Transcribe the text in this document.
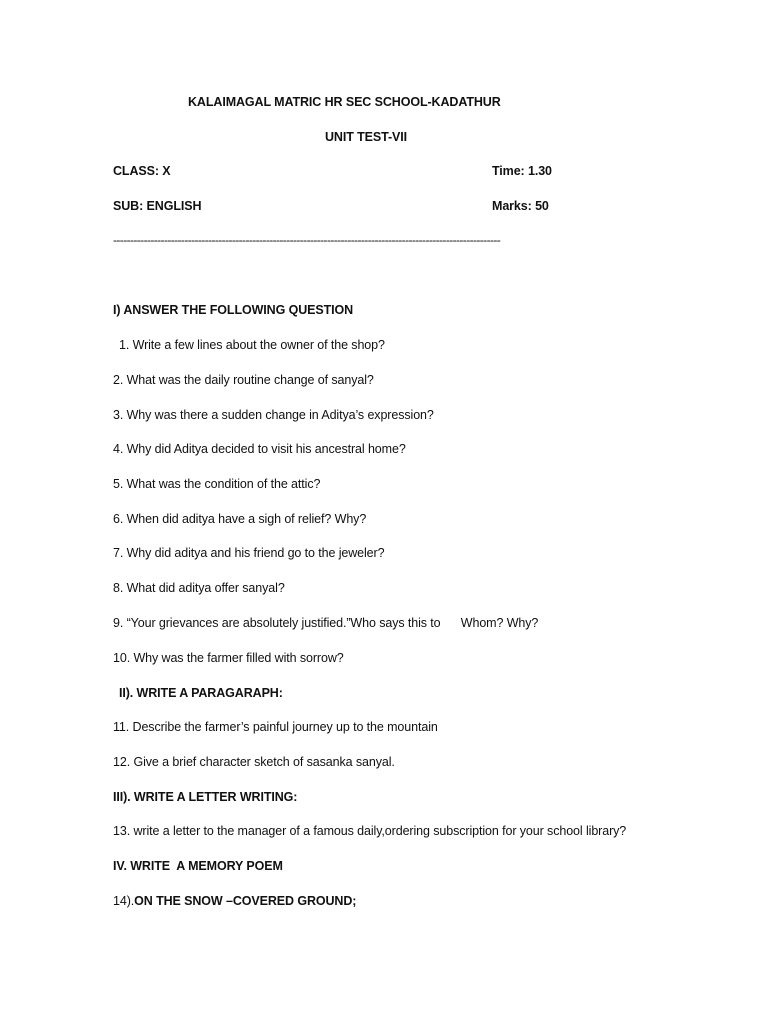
KALAIMAGAL MATRIC HR SEC SCHOOL-KADATHUR
UNIT TEST-VII
CLASS: X	Time: 1.30
SUB: ENGLISH	Marks: 50
------------------------------------------------------------------------------------------------------------------
I) ANSWER THE FOLLOWING QUESTION
1. Write a few lines about the owner of the shop?
2. What was the daily routine change of sanyal?
3. Why was there a sudden change in Aditya’s expression?
4. Why did Aditya decided to visit his ancestral home?
5. What was the condition of the attic?
6. When did aditya have a sigh of relief? Why?
7. Why did aditya and his friend go to the jeweler?
8. What did aditya offer sanyal?
9. “Your grievances are absolutely justified.”Who says this to      Whom? Why?
10. Why was the farmer filled with sorrow?
II). WRITE A PARAGARAPH:
11. Describe the farmer’s painful journey up to the mountain
12. Give a brief character sketch of sasanka sanyal.
III). WRITE A LETTER WRITING:
13. write a letter to the manager of a famous daily,ordering subscription for your school library?
IV. WRITE  A MEMORY POEM
14).ON THE SNOW –COVERED GROUND;
